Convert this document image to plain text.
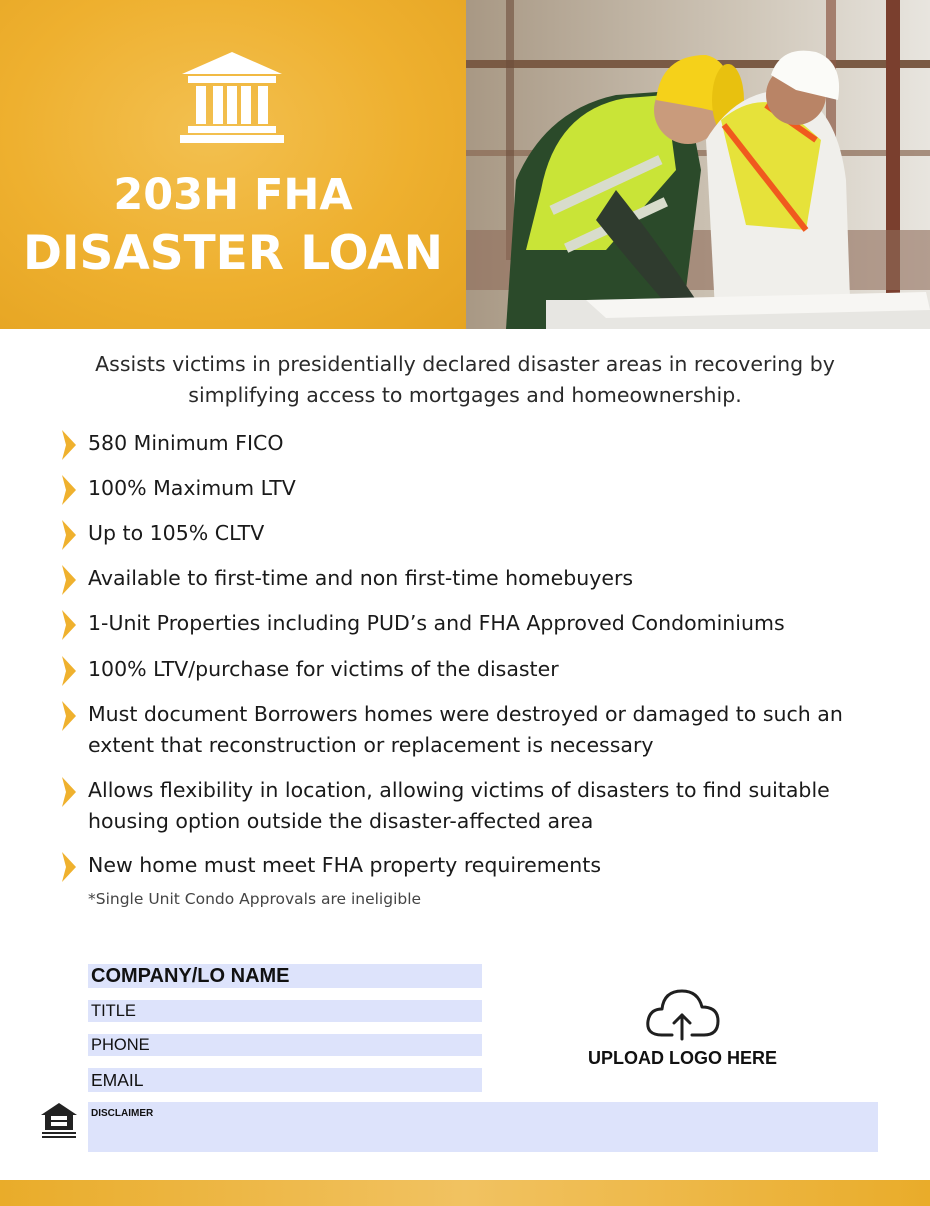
203H FHA
DISASTER LOAN
Assists victims in presidentially declared disaster areas in recovering by simplifying access to mortgages and homeownership.
580 Minimum FICO
100% Maximum LTV
Up to 105% CLTV
Available to first-time and non first-time homebuyers
1-Unit Properties including PUD’s and FHA Approved Condominiums
100% LTV/purchase for victims of the disaster
Must document Borrowers homes were destroyed or damaged to such an extent that reconstruction or replacement is necessary
Allows flexibility in location, allowing victims of disasters to find suitable housing option outside the disaster-affected area
New home must meet FHA property requirements
*Single Unit Condo Approvals are ineligible
COMPANY/LO NAME
TITLE
PHONE
EMAIL
DISCLAIMER
UPLOAD LOGO HERE
